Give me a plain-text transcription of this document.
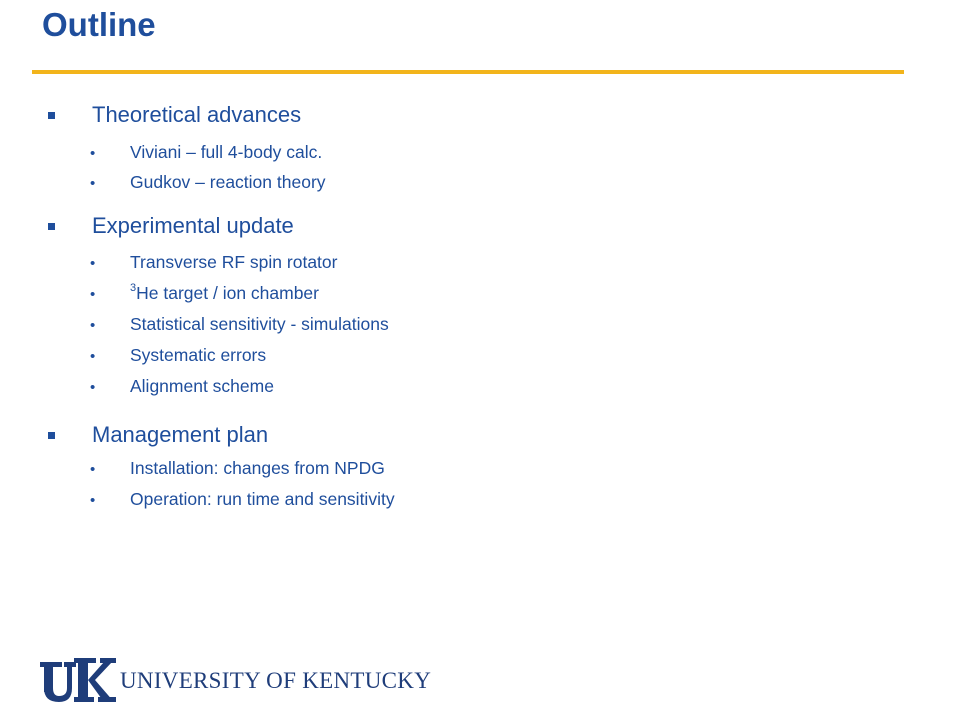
Outline
Theoretical advances
•	Viviani – full 4-body calc.
•	Gudkov – reaction theory
Experimental update
•	Transverse RF spin rotator
•	$^3$He target / ion chamber
•	Statistical sensitivity - simulations
•	Systematic errors
•	Alignment scheme
Management plan
•	Installation: changes from NPDG
•	Operation: run time and sensitivity
UNIVERSITY OF KENTUCKY
